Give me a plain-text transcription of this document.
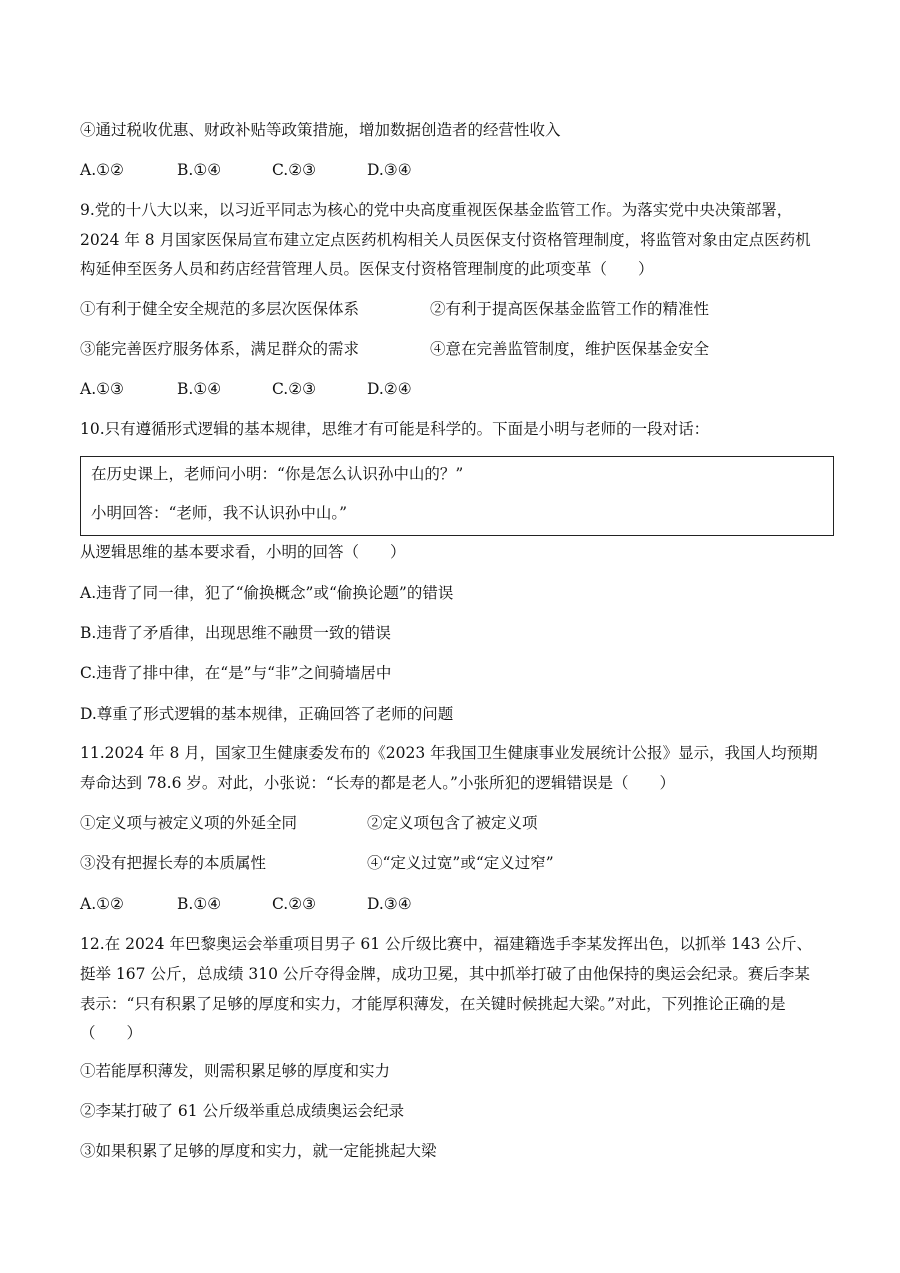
④通过税收优惠、财政补贴等政策措施，增加数据创造者的经营性收入
A.①②	B.①④	C.②③	D.③④
9.党的十八大以来，以习近平同志为核心的党中央高度重视医保基金监管工作。为落实党中央决策部署，
2024 年 8 月国家医保局宣布建立定点医药机构相关人员医保支付资格管理制度，将监管对象由定点医药机
构延伸至医务人员和药店经营管理人员。医保支付资格管理制度的此项变革（　　）
①有利于健全安全规范的多层次医保体系	②有利于提高医保基金监管工作的精准性
③能完善医疗服务体系，满足群众的需求	④意在完善监管制度，维护医保基金安全
A.①③	B.①④	C.②③	D.②④
10.只有遵循形式逻辑的基本规律，思维才有可能是科学的。下面是小明与老师的一段对话：
在历史课上，老师问小明：“你是怎么认识孙中山的？”
小明回答：“老师，我不认识孙中山。”
从逻辑思维的基本要求看，小明的回答（　　）
A.违背了同一律，犯了“偷换概念”或“偷换论题”的错误
B.违背了矛盾律，出现思维不融贯一致的错误
C.违背了排中律，在“是”与“非”之间骑墙居中
D.尊重了形式逻辑的基本规律，正确回答了老师的问题
11.2024 年 8 月，国家卫生健康委发布的《2023 年我国卫生健康事业发展统计公报》显示，我国人均预期
寿命达到 78.6 岁。对此，小张说：“长寿的都是老人。”小张所犯的逻辑错误是（　　）
①定义项与被定义项的外延全同	②定义项包含了被定义项
③没有把握长寿的本质属性	④“定义过宽”或“定义过窄”
A.①②	B.①④	C.②③	D.③④
12.在 2024 年巴黎奥运会举重项目男子 61 公斤级比赛中，福建籍选手李某发挥出色，以抓举 143 公斤、
挺举 167 公斤，总成绩 310 公斤夺得金牌，成功卫冕，其中抓举打破了由他保持的奥运会纪录。赛后李某
表示：“只有积累了足够的厚度和实力，才能厚积薄发，在关键时候挑起大梁。”对此，下列推论正确的是
（　　）
①若能厚积薄发，则需积累足够的厚度和实力
②李某打破了 61 公斤级举重总成绩奥运会纪录
③如果积累了足够的厚度和实力，就一定能挑起大梁
